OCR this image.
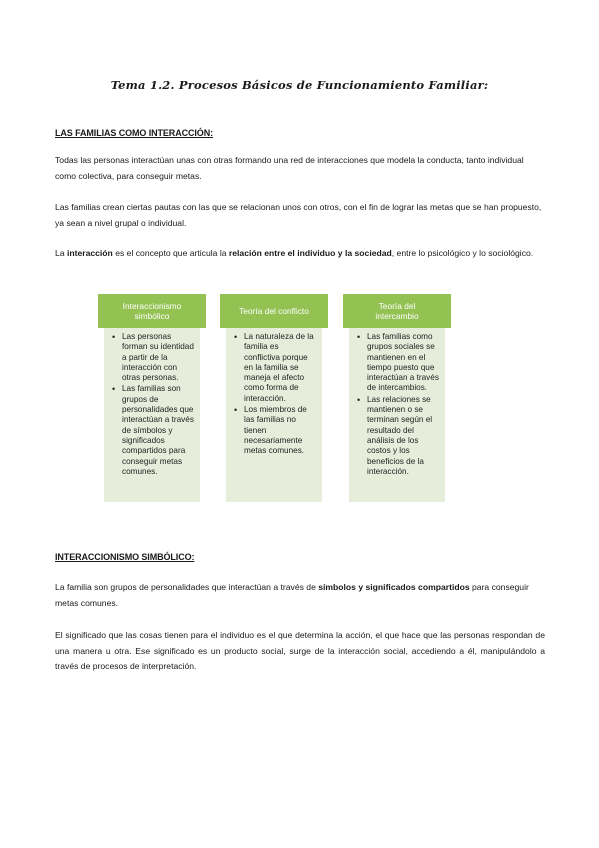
Tema 1.2. Procesos Básicos de Funcionamiento Familiar:
LAS FAMILIAS COMO INTERACCIÓN:

Todas las personas interactúan unas con otras formando una red de interacciones que modela la conducta, tanto individual como colectiva, para conseguir metas.

Las familias crean ciertas pautas con las que se relacionan unos con otros, con el fin de lograr las metas que se han propuesto, ya sean a nivel grupal o individual.

La interacción es el concepto que articula la relación entre el individuo y la sociedad, entre lo psicológico y lo sociológico.

Interaccionismo simbólico
• Las personas forman su identidad a partir de la interacción con otras personas.
• Las familias son grupos de personalidades que interactúan a través de símbolos y significados compartidos para conseguir metas comunes.
Teoría del conflicto
• La naturaleza de la familia es conflictiva porque en la familia se maneja el afecto como forma de interacción.
• Los miembros de las familias no tienen necesariamente metas comunes.
Teoría del intercambio
• Las familias como grupos sociales se mantienen en el tiempo puesto que interactúan a través de intercambios.
• Las relaciones se mantienen o se terminan según el resultado del análisis de los costos y los beneficios de la interacción.
INTERACCIONISMO SIMBÓLICO:

La familia son grupos de personalidades que interactúan a través de símbolos y significados compartidos para conseguir metas comunes.

El significado que las cosas tienen para el individuo es el que determina la acción, el que hace que las personas respondan de una manera u otra. Ese significado es un producto social, surge de la interacción social, accediendo a él, manipulándolo a través de procesos de interpretación.
